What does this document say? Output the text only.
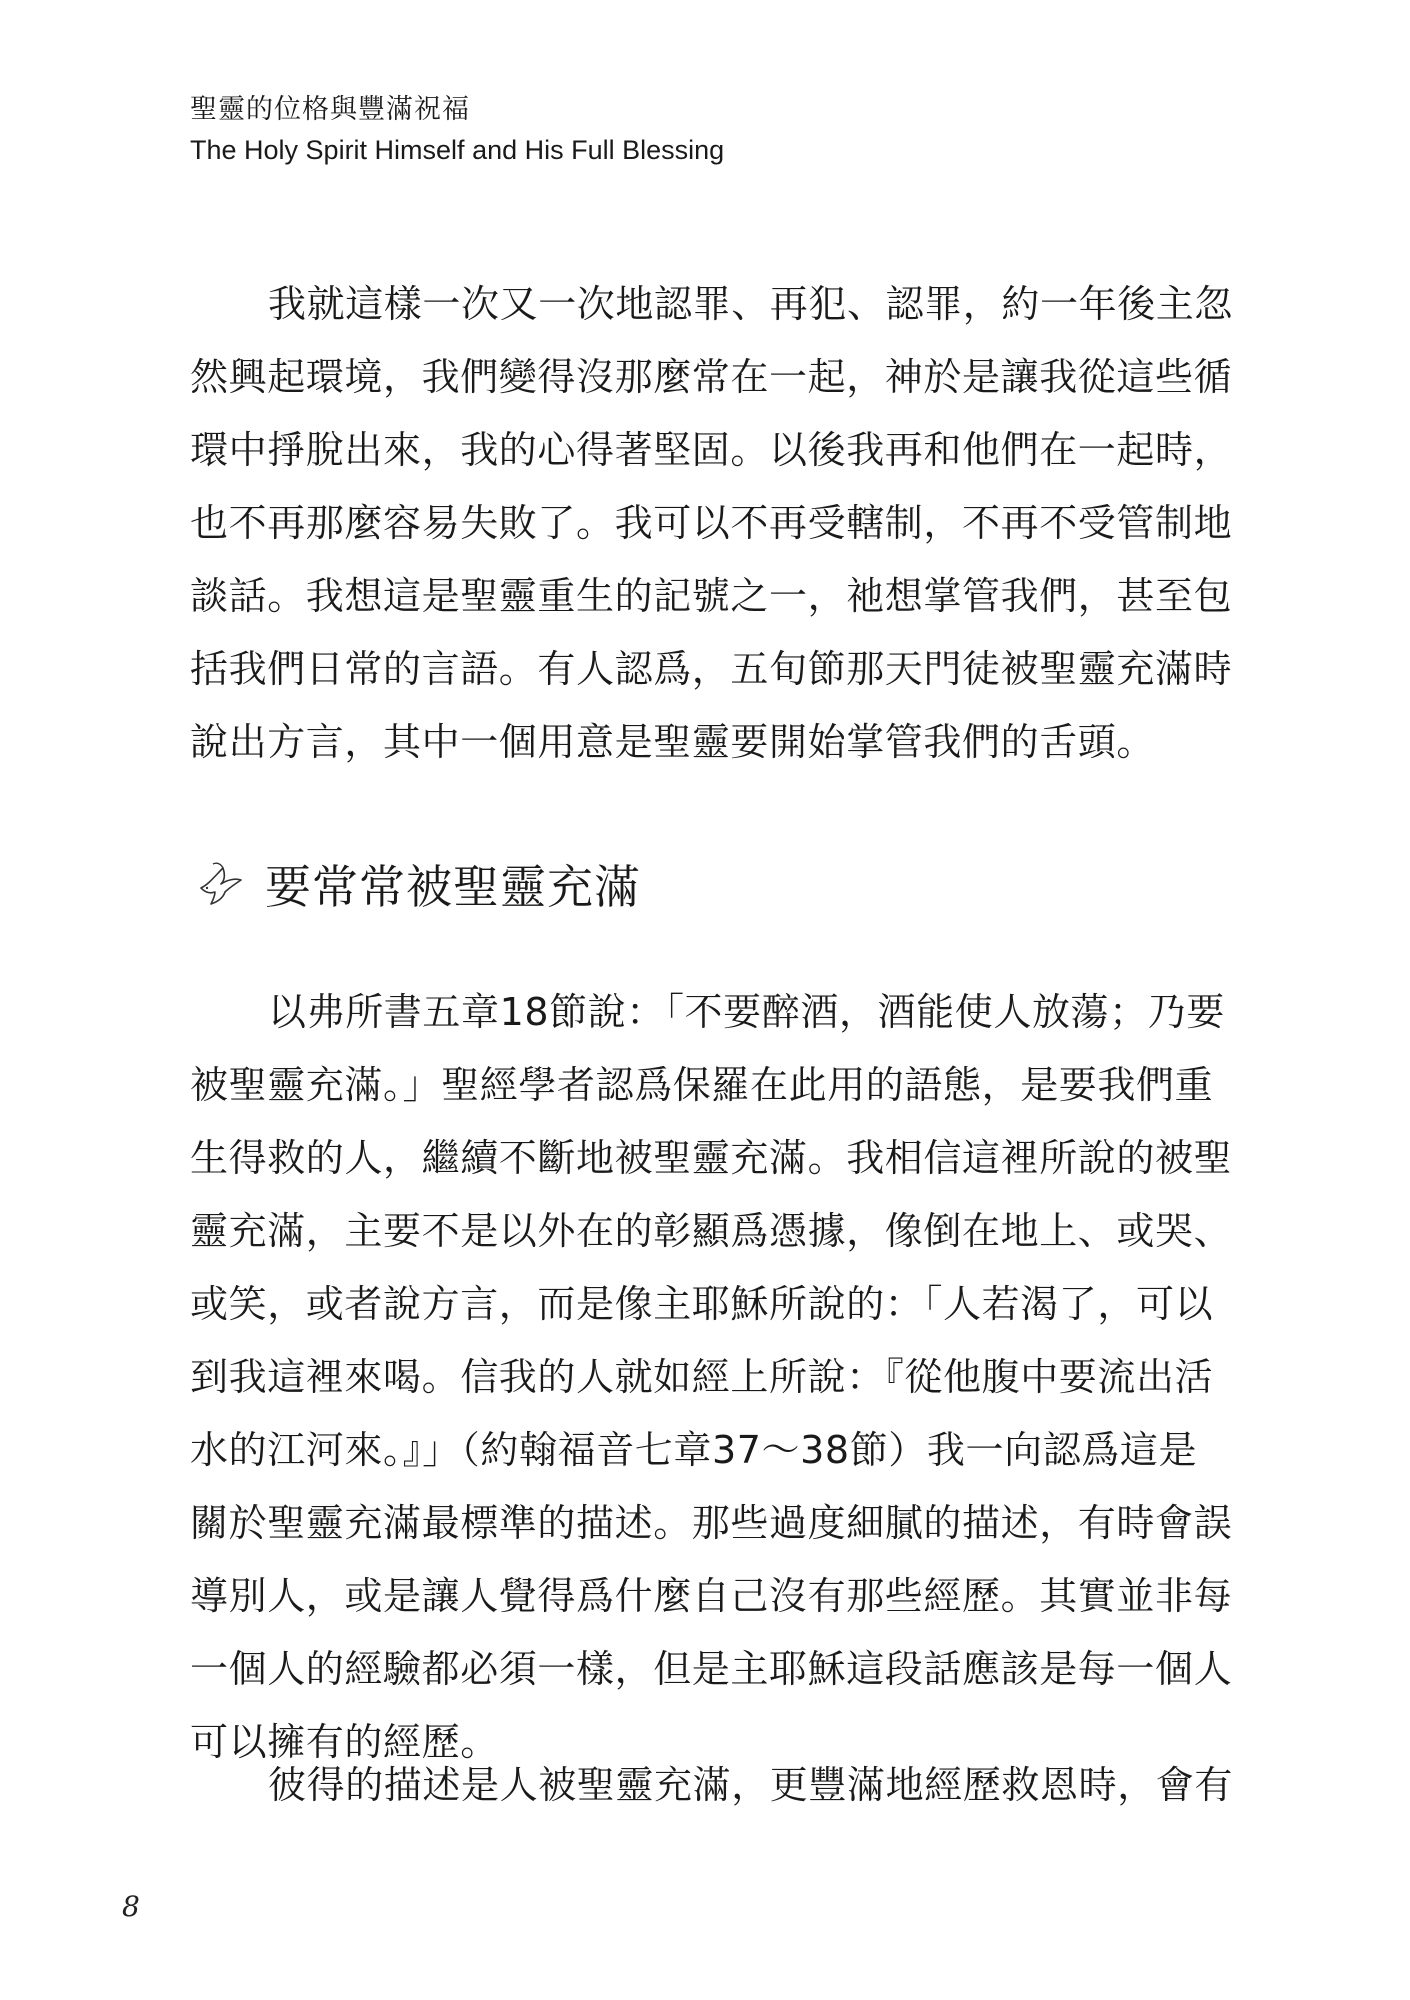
聖靈的位格與豐滿祝福
The Holy Spirit Himself and His Full Blessing
我就這樣一次又一次地認罪、再犯、認罪，約一年後主忽
然興起環境，我們變得沒那麼常在一起，神於是讓我從這些循
環中掙脫出來，我的心得著堅固。以後我再和他們在一起時，
也不再那麼容易失敗了。我可以不再受轄制，不再不受管制地
談話。我想這是聖靈重生的記號之一，祂想掌管我們，甚至包
括我們日常的言語。有人認爲，五旬節那天門徒被聖靈充滿時
說出方言，其中一個用意是聖靈要開始掌管我們的舌頭。
要常常被聖靈充滿
以弗所書五章18節說：「不要醉酒，酒能使人放蕩；乃要
被聖靈充滿。」聖經學者認爲保羅在此用的語態，是要我們重
生得救的人，繼續不斷地被聖靈充滿。我相信這裡所說的被聖
靈充滿，主要不是以外在的彰顯爲憑據，像倒在地上、或哭、
或笑，或者說方言，而是像主耶穌所說的：「人若渴了，可以
到我這裡來喝。信我的人就如經上所說：『從他腹中要流出活
水的江河來。』」（約翰福音七章37～38節）我一向認爲這是
關於聖靈充滿最標準的描述。那些過度細膩的描述，有時會誤
導別人，或是讓人覺得爲什麼自己沒有那些經歷。其實並非每
一個人的經驗都必須一樣，但是主耶穌這段話應該是每一個人
可以擁有的經歷。
彼得的描述是人被聖靈充滿，更豐滿地經歷救恩時，會有
8
